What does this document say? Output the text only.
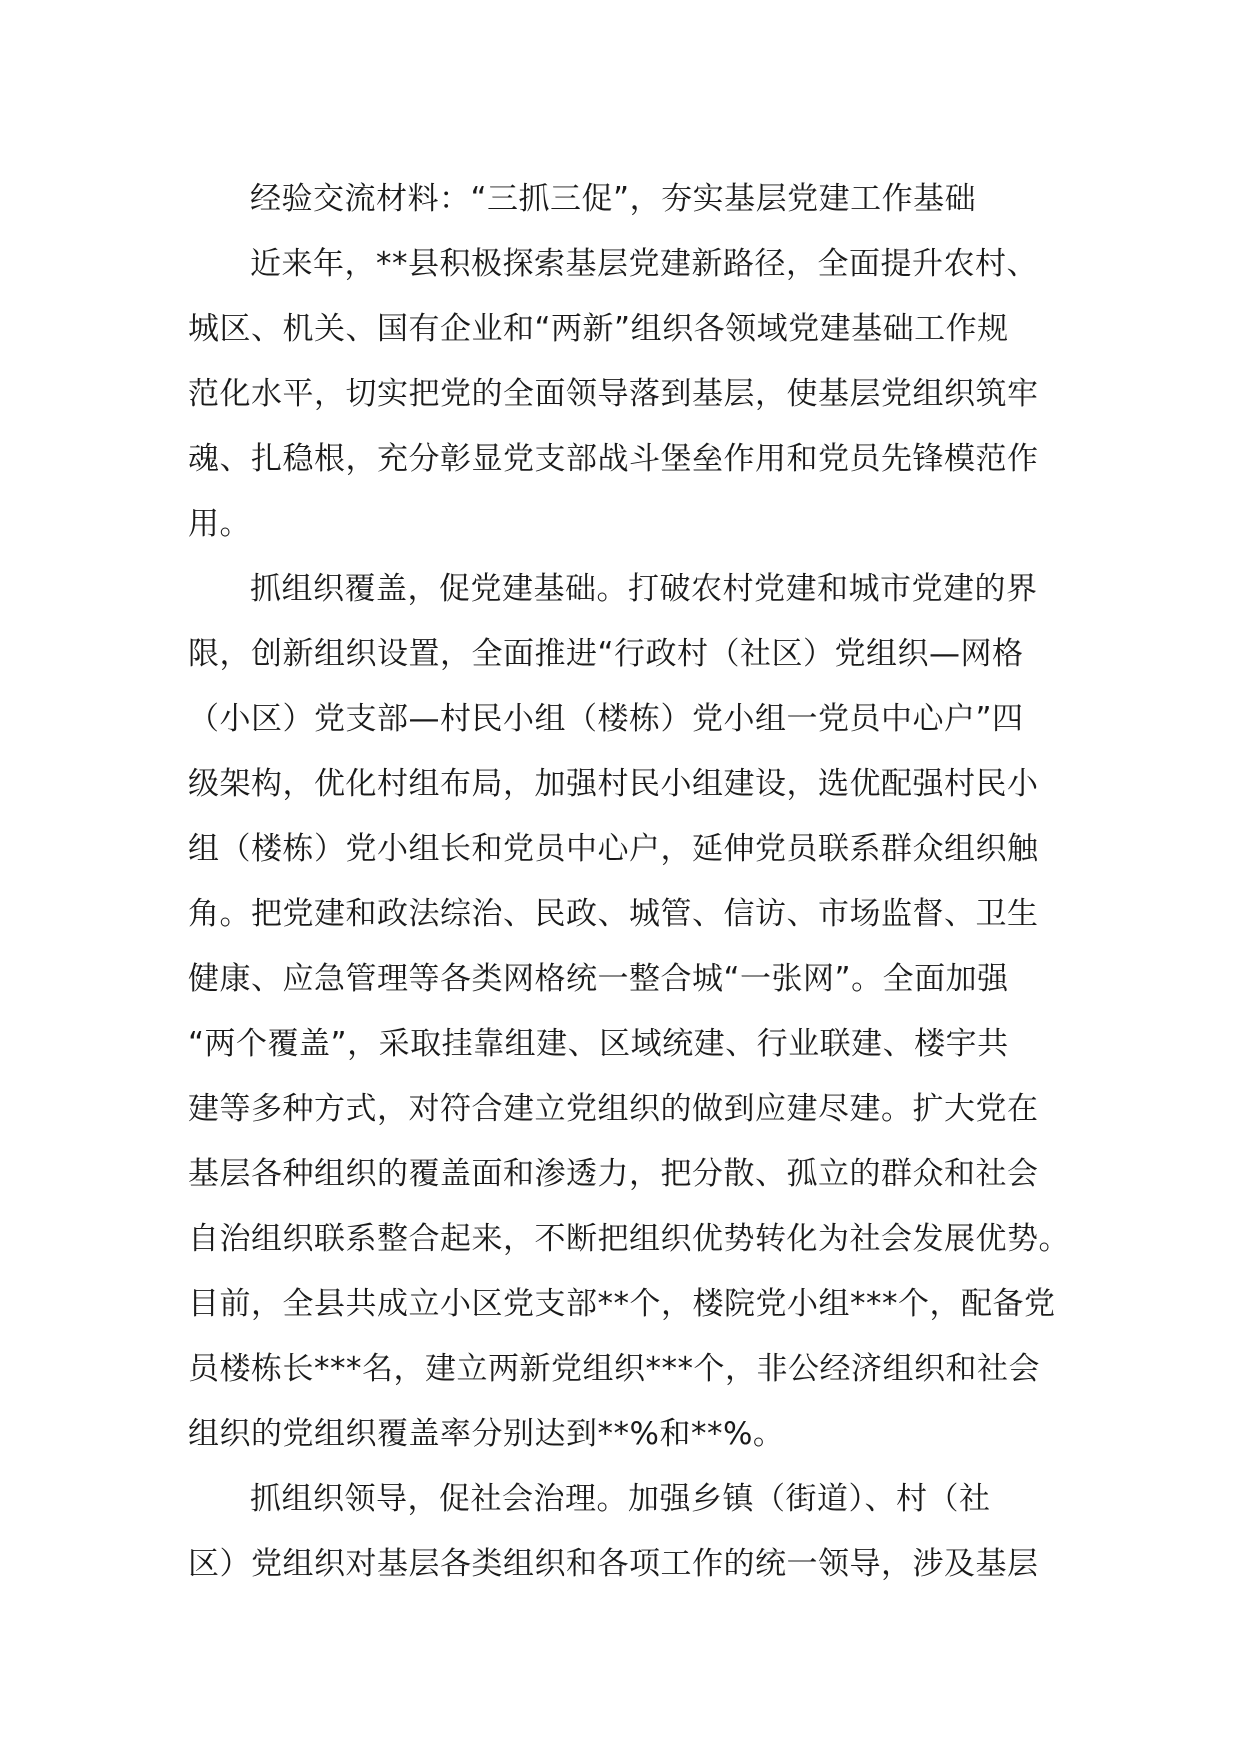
经验交流材料：“三抓三促”，夯实基层党建工作基础
近来年，**县积极探索基层党建新路径，全面提升农村、
城区、机关、国有企业和“两新”组织各领域党建基础工作规
范化水平，切实把党的全面领导落到基层，使基层党组织筑牢
魂、扎稳根，充分彰显党支部战斗堡垒作用和党员先锋模范作
用。
抓组织覆盖，促党建基础。打破农村党建和城市党建的界
限，创新组织设置，全面推进“行政村（社区）党组织—网格
（小区）党支部—村民小组（楼栋）党小组一党员中心户”四
级架构，优化村组布局，加强村民小组建设，选优配强村民小
组（楼栋）党小组长和党员中心户，延伸党员联系群众组织触
角。把党建和政法综治、民政、城管、信访、市场监督、卫生
健康、应急管理等各类网格统一整合城“一张网”。全面加强
“两个覆盖”，采取挂靠组建、区域统建、行业联建、楼宇共
建等多种方式，对符合建立党组织的做到应建尽建。扩大党在
基层各种组织的覆盖面和渗透力，把分散、孤立的群众和社会
自治组织联系整合起来，不断把组织优势转化为社会发展优势。
目前，全县共成立小区党支部**个，楼院党小组***个，配备党
员楼栋长***名，建立两新党组织***个，非公经济组织和社会
组织的党组织覆盖率分别达到**%和**%。
抓组织领导，促社会治理。加强乡镇（街道）、村（社
区）党组织对基层各类组织和各项工作的统一领导，涉及基层
